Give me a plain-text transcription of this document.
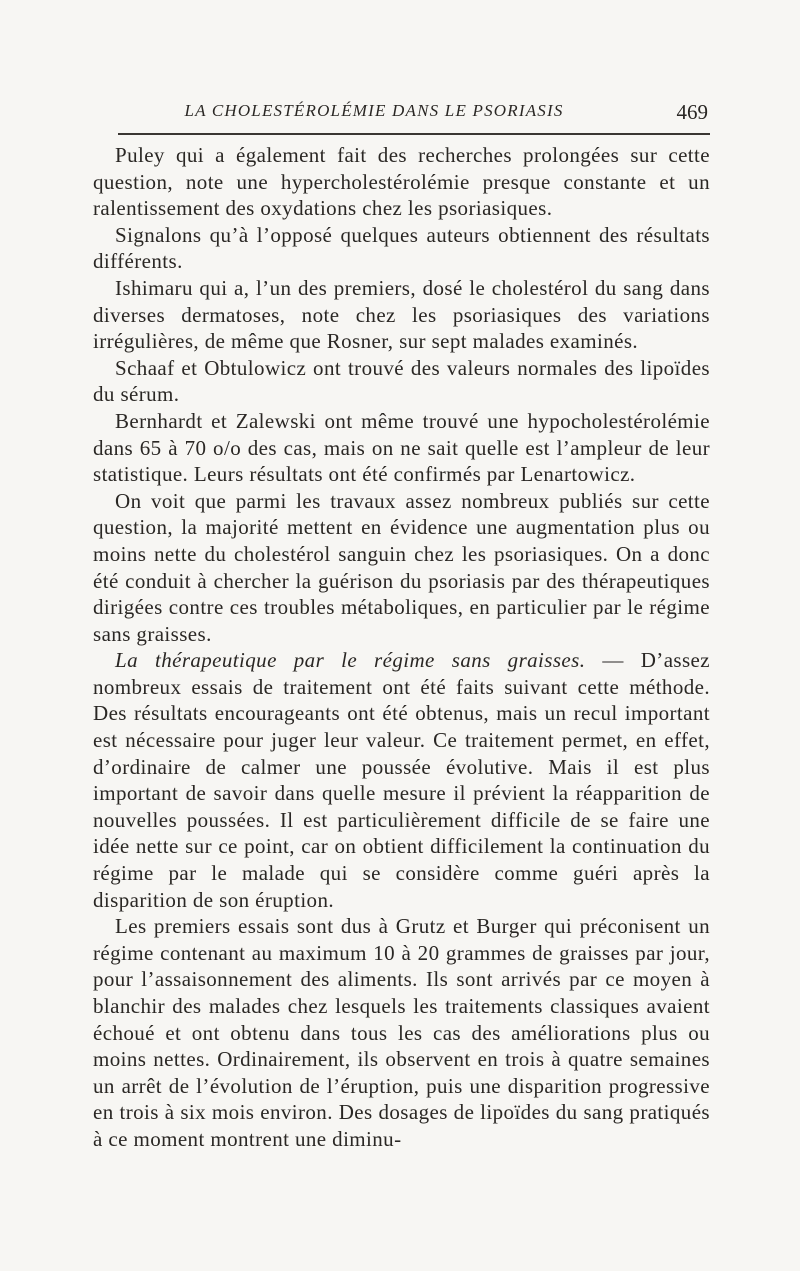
LA CHOLESTÉROLÉMIE DANS LE PSORIASIS	469

Puley qui a également fait des recherches prolongées sur cette question, note une hypercholestérolémie presque constante et un ralentissement des oxydations chez les psoriasiques.

Signalons qu’à l’opposé quelques auteurs obtiennent des résultats différents.

Ishimaru qui a, l’un des premiers, dosé le cholestérol du sang dans diverses dermatoses, note chez les psoriasiques des variations irrégulières, de même que Rosner, sur sept malades examinés.

Schaaf et Obtulowicz ont trouvé des valeurs normales des lipoïdes du sérum.

Bernhardt et Zalewski ont même trouvé une hypocholestérolémie dans 65 à 70 o/o des cas, mais on ne sait quelle est l’ampleur de leur statistique. Leurs résultats ont été confirmés par Lenartowicz.

On voit que parmi les travaux assez nombreux publiés sur cette question, la majorité mettent en évidence une augmentation plus ou moins nette du cholestérol sanguin chez les psoriasiques. On a donc été conduit à chercher la guérison du psoriasis par des thérapeutiques dirigées contre ces troubles métaboliques, en particulier par le régime sans graisses.

La thérapeutique par le régime sans graisses. — D’assez nombreux essais de traitement ont été faits suivant cette méthode. Des résultats encourageants ont été obtenus, mais un recul important est nécessaire pour juger leur valeur. Ce traitement permet, en effet, d’ordinaire de calmer une poussée évolutive. Mais il est plus important de savoir dans quelle mesure il prévient la réapparition de nouvelles poussées. Il est particulièrement difficile de se faire une idée nette sur ce point, car on obtient difficilement la continuation du régime par le malade qui se considère comme guéri après la disparition de son éruption.

Les premiers essais sont dus à Grutz et Burger qui préconisent un régime contenant au maximum 10 à 20 grammes de graisses par jour, pour l’assaisonnement des aliments. Ils sont arrivés par ce moyen à blanchir des malades chez lesquels les traitements classiques avaient échoué et ont obtenu dans tous les cas des améliorations plus ou moins nettes. Ordinairement, ils observent en trois à quatre semaines un arrêt de l’évolution de l’éruption, puis une disparition progressive en trois à six mois environ. Des dosages de lipoïdes du sang pratiqués à ce moment montrent une diminu-
